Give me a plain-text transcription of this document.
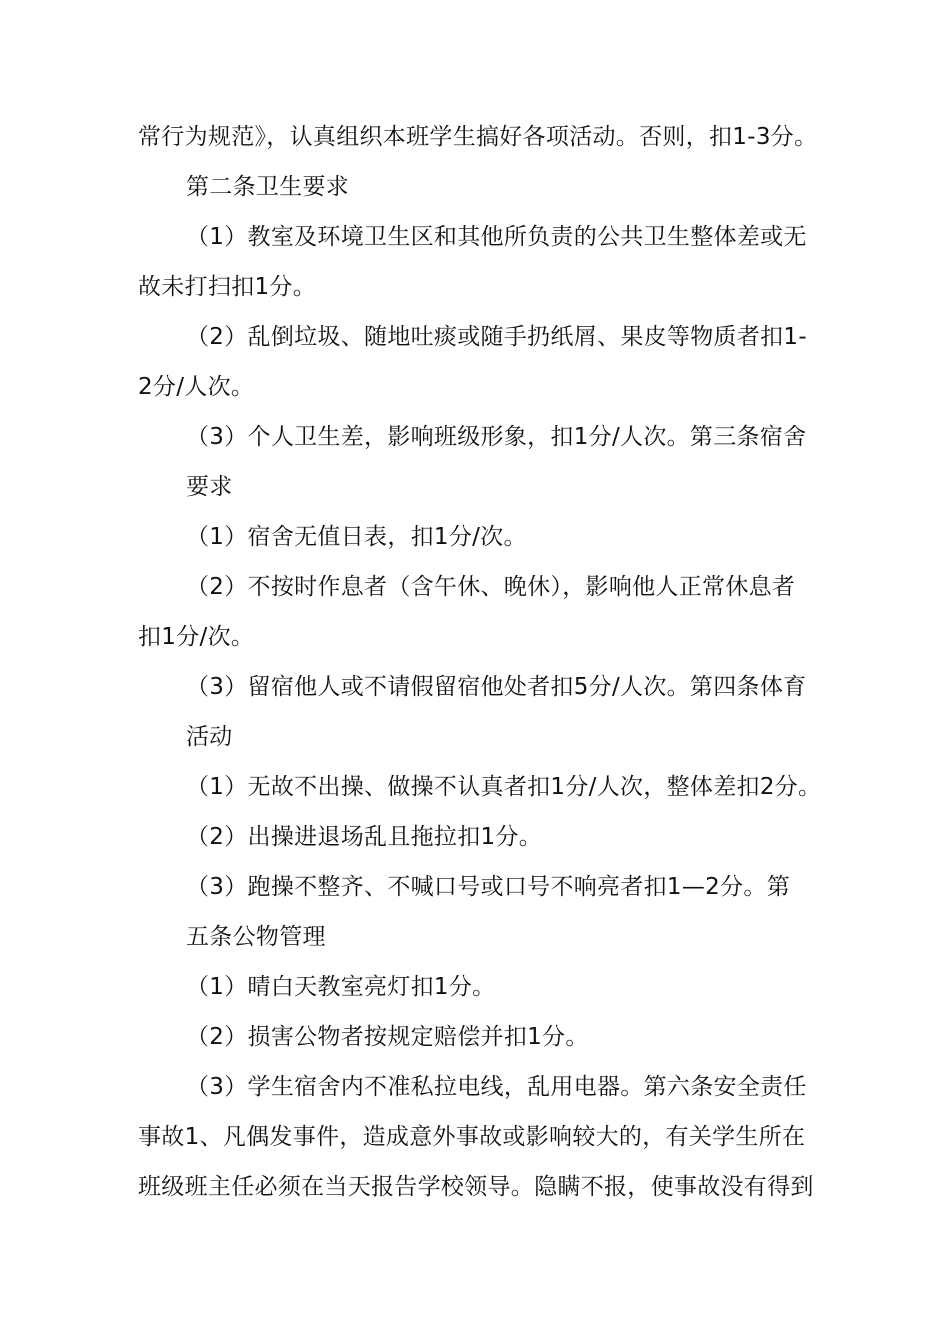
常行为规范》，认真组织本班学生搞好各项活动。否则，扣1-3分。
第二条卫生要求
（1）教室及环境卫生区和其他所负责的公共卫生整体差或无
故未打扫扣1分。
（2）乱倒垃圾、随地吐痰或随手扔纸屑、果皮等物质者扣1-
2分/人次。
（3）个人卫生差，影响班级形象，扣1分/人次。第三条宿舍
要求
（1）宿舍无值日表，扣1分/次。
（2）不按时作息者（含午休、晚休），影响他人正常休息者
扣1分/次。
（3）留宿他人或不请假留宿他处者扣5分/人次。第四条体育
活动
（1）无故不出操、做操不认真者扣1分/人次，整体差扣2分。
（2）出操进退场乱且拖拉扣1分。
（3）跑操不整齐、不喊口号或口号不响亮者扣1—2分。第
五条公物管理
（1）晴白天教室亮灯扣1分。
（2）损害公物者按规定赔偿并扣1分。
（3）学生宿舍内不准私拉电线，乱用电器。第六条安全责任
事故1、凡偶发事件，造成意外事故或影响较大的，有关学生所在
班级班主任必须在当天报告学校领导。隐瞒不报，使事故没有得到
